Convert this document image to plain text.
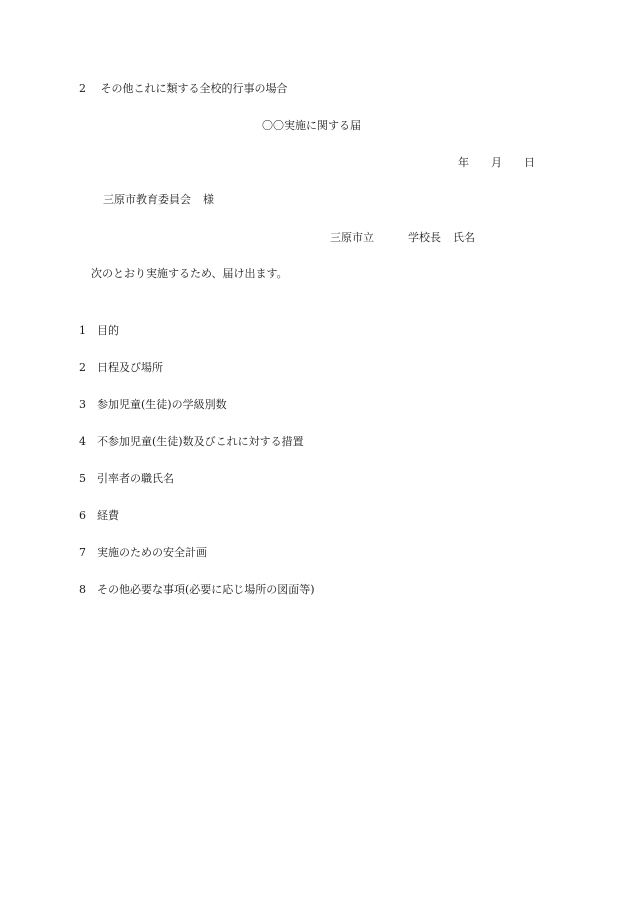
2 その他これに類する全校的行事の場合
〇〇実施に関する届
年 月 日
三原市教育委員会 様
三原市立	学校長 氏名
次のとおり実施するため、届け出ます。
1 目的
2 日程及び場所
3 参加児童(生徒)の学級別数
4 不参加児童(生徒)数及びこれに対する措置
5 引率者の職氏名
6 経費
7 実施のための安全計画
8 その他必要な事項(必要に応じ場所の図面等)
